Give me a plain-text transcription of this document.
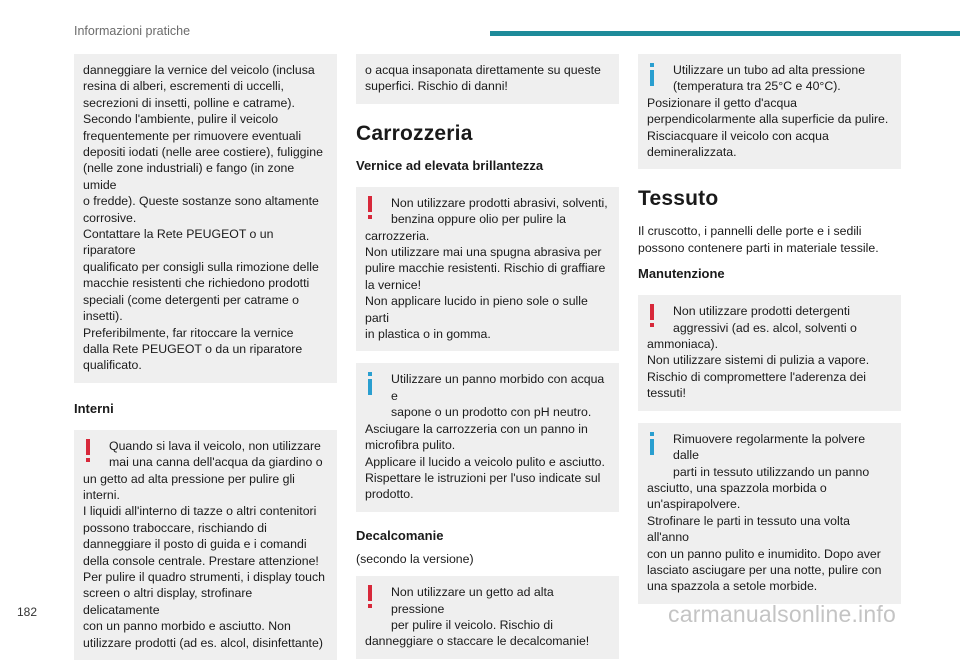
Informazioni pratiche
danneggiare la vernice del veicolo (inclusa
resina di alberi, escrementi di uccelli,
secrezioni di insetti, polline e catrame).
Secondo l'ambiente, pulire il veicolo
frequentemente per rimuovere eventuali
depositi iodati (nelle aree costiere), fuliggine
(nelle zone industriali) e fango (in zone umide
o fredde). Queste sostanze sono altamente
corrosive.
Contattare la Rete PEUGEOT o un riparatore
qualificato per consigli sulla rimozione delle
macchie resistenti che richiedono prodotti
speciali (come detergenti per catrame o
insetti).
Preferibilmente, far ritoccare la vernice
dalla Rete PEUGEOT o da un riparatore
qualificato.
Interni
Quando si lava il veicolo, non utilizzare
mai una canna dell'acqua da giardino o
un getto ad alta pressione per pulire gli
interni.
I liquidi all'interno di tazze o altri contenitori
possono traboccare, rischiando di
danneggiare il posto di guida e i comandi
della console centrale. Prestare attenzione!
Per pulire il quadro strumenti, i display touch
screen o altri display, strofinare delicatamente
con un panno morbido e asciutto. Non
utilizzare prodotti (ad es. alcol, disinfettante)
o acqua insaponata direttamente su queste
superfici. Rischio di danni!
Carrozzeria
Vernice ad elevata brillantezza
Non utilizzare prodotti abrasivi, solventi,
benzina oppure olio per pulire la
carrozzeria.
Non utilizzare mai una spugna abrasiva per
pulire macchie resistenti. Rischio di graffiare
la vernice!
Non applicare lucido in pieno sole o sulle parti
in plastica o in gomma.
Utilizzare un panno morbido con acqua e
sapone o un prodotto con pH neutro.
Asciugare la carrozzeria con un panno in
microfibra pulito.
Applicare il lucido a veicolo pulito e asciutto.
Rispettare le istruzioni per l'uso indicate sul
prodotto.
Decalcomanie
(secondo la versione)
Non utilizzare un getto ad alta pressione
per pulire il veicolo. Rischio di
danneggiare o staccare le decalcomanie!
Utilizzare un tubo ad alta pressione
(temperatura tra 25°C e 40°C).
Posizionare il getto d'acqua
perpendicolarmente alla superficie da pulire.
Risciacquare il veicolo con acqua
demineralizzata.
Tessuto
Il cruscotto, i pannelli delle porte e i sedili
possono contenere parti in materiale tessile.
Manutenzione
Non utilizzare prodotti detergenti
aggressivi (ad es. alcol, solventi o
ammoniaca).
Non utilizzare sistemi di pulizia a vapore.
Rischio di compromettere l'aderenza dei
tessuti!
Rimuovere regolarmente la polvere dalle
parti in tessuto utilizzando un panno
asciutto, una spazzola morbida o
un'aspirapolvere.
Strofinare le parti in tessuto una volta all'anno
con un panno pulito e inumidito. Dopo aver
lasciato asciugare per una notte, pulire con
una spazzola a setole morbide.
182	carmanualsonline.info
